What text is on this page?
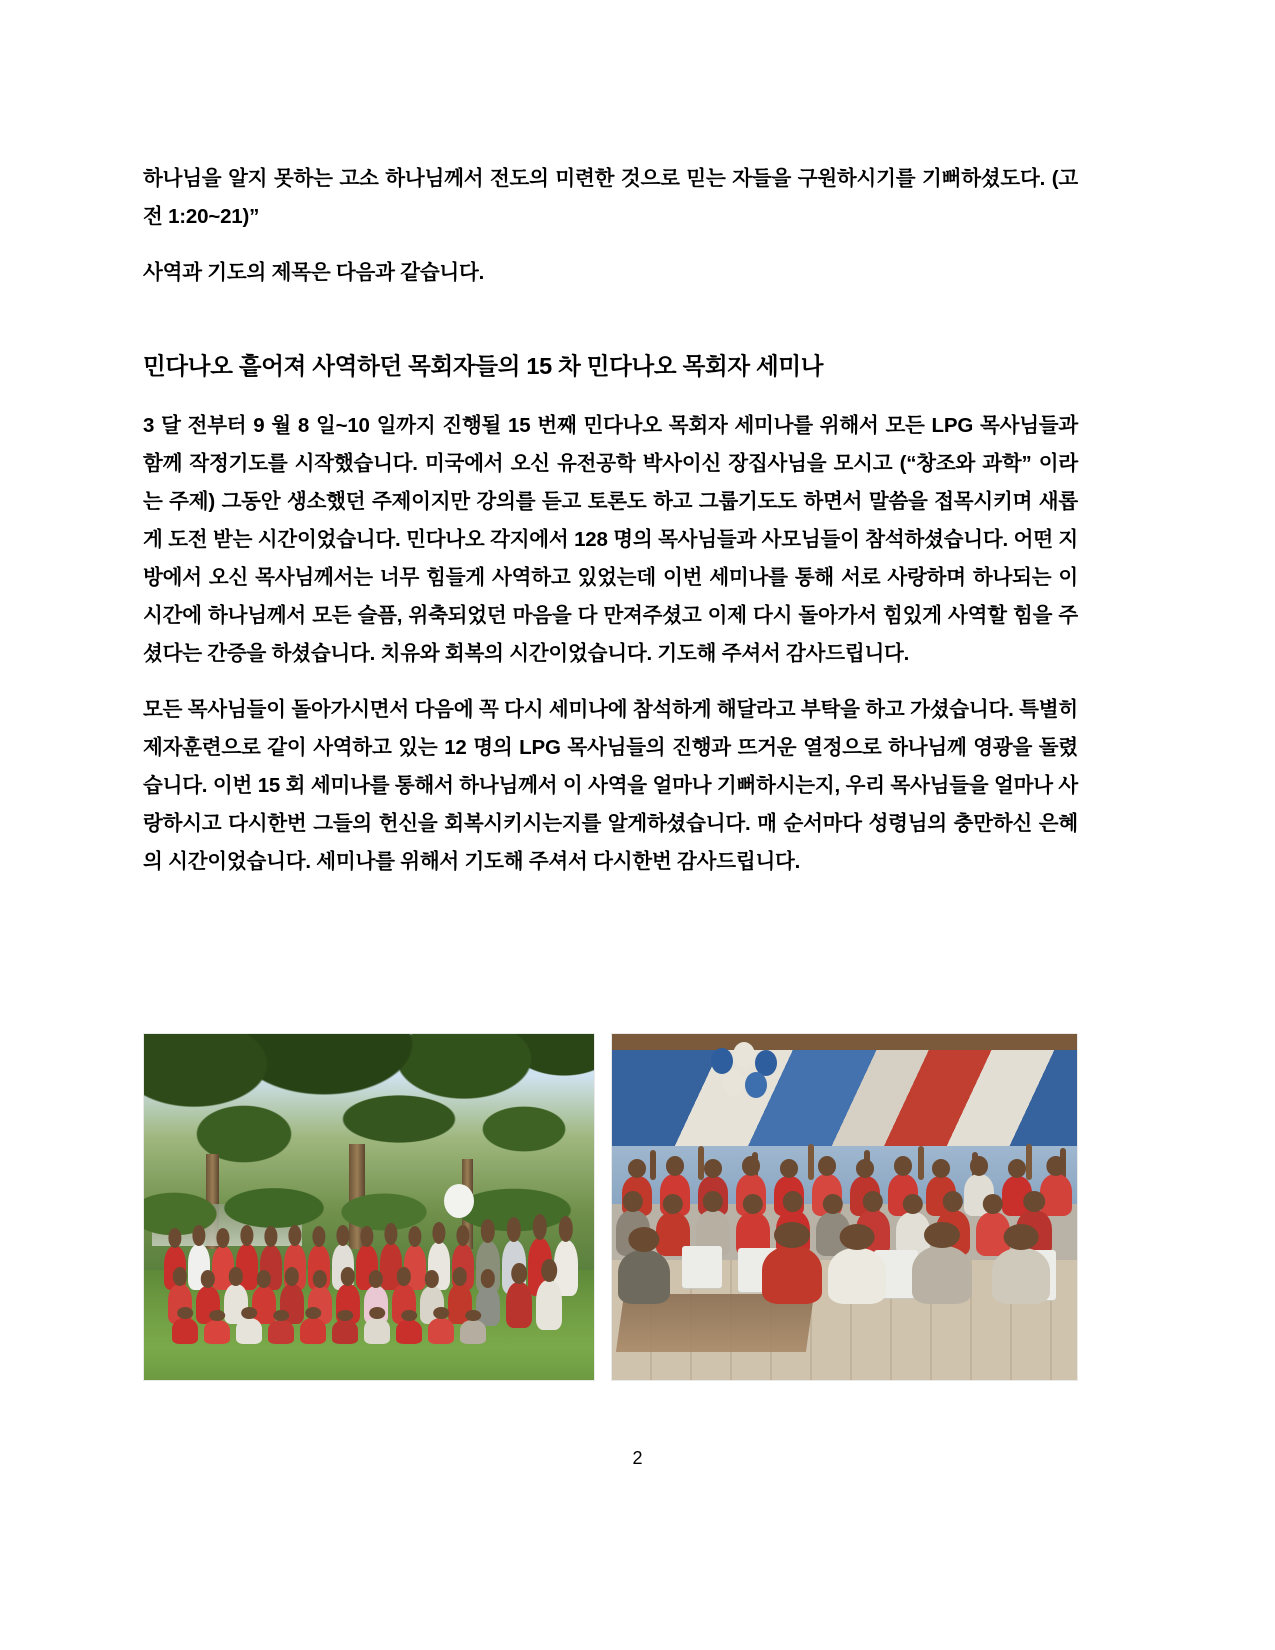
하나님을 알지 못하는 고소 하나님께서 전도의 미련한 것으로 믿는 자들을 구원하시기를 기뻐하셨도다. (고전 1:20~21)”

사역과 기도의 제목은 다음과 같습니다.

민다나오 흩어져 사역하던 목회자들의 15 차 민다나오 목회자 세미나

3 달 전부터 9 월 8 일~10 일까지 진행될 15 번째 민다나오 목회자 세미나를 위해서 모든 LPG 목사님들과 함께 작정기도를 시작했습니다. 미국에서 오신 유전공학 박사이신 장집사님을 모시고 (“창조와 과학” 이라는 주제) 그동안 생소했던 주제이지만 강의를 듣고 토론도 하고 그룹기도도 하면서 말씀을 접목시키며 새롭게 도전 받는 시간이었습니다. 민다나오 각지에서 128 명의 목사님들과 사모님들이 참석하셨습니다. 어떤 지방에서 오신 목사님께서는 너무 힘들게 사역하고 있었는데 이번 세미나를 통해 서로 사랑하며 하나되는 이 시간에 하나님께서 모든 슬픔, 위축되었던 마음을 다 만져주셨고 이제 다시 돌아가서 힘있게 사역할 힘을 주셨다는 간증을 하셨습니다. 치유와 회복의 시간이었습니다. 기도해 주셔서 감사드립니다.

모든 목사님들이 돌아가시면서 다음에 꼭 다시 세미나에 참석하게 해달라고 부탁을 하고 가셨습니다. 특별히 제자훈련으로 같이 사역하고 있는 12 명의 LPG 목사님들의 진행과 뜨거운 열정으로 하나님께 영광을 돌렸습니다. 이번 15 회 세미나를 통해서 하나님께서 이 사역을 얼마나 기뻐하시는지, 우리 목사님들을 얼마나 사랑하시고 다시한번 그들의 헌신을 회복시키시는지를 알게하셨습니다. 매 순서마다 성령님의 충만하신 은혜의 시간이었습니다. 세미나를 위해서 기도해 주셔서 다시한번 감사드립니다.

2
